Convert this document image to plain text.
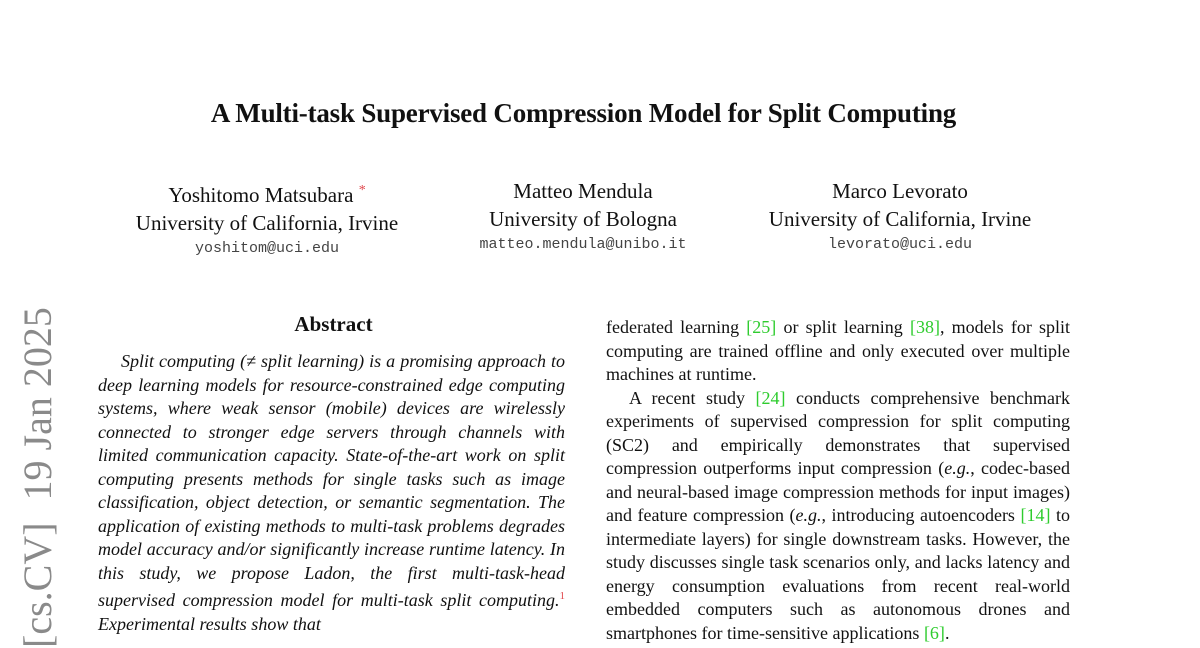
A Multi-task Supervised Compression Model for Split Computing
Yoshitomo Matsubara *
University of California, Irvine
yoshitom@uci.edu
Matteo Mendula
University of Bologna
matteo.mendula@unibo.it
Marco Levorato
University of California, Irvine
levorato@uci.edu
[cs.CV]19 Jan 2025	Abstract
Split computing (≠ split learning) is a promising approach to deep learning models for resource-constrained edge computing systems, where weak sensor (mobile) devices are wirelessly connected to stronger edge servers through channels with limited communication capacity. State-of-the-art work on split computing presents methods for single tasks such as image classification, object detection, or semantic segmentation. The application of existing methods to multi-task problems degrades model accuracy and/or significantly increase runtime latency. In this study, we propose Ladon, the first multi-task-head supervised compression model for multi-task split computing.$^1$ Experimental results show that

federated learning [25] or split learning [38], models for split computing are trained offline and only executed over multiple machines at runtime.

A recent study [24] conducts comprehensive benchmark experiments of supervised compression for split computing (SC2) and empirically demonstrates that supervised compression outperforms input compression (e.g., codec-based and neural-based image compression methods for input images) and feature compression (e.g., introducing autoencoders [14] to intermediate layers) for single downstream tasks. However, the study discusses single task scenarios only, and lacks latency and energy consumption evaluations from recent real-world embedded computers such as autonomous drones and smartphones for time-sensitive applications [6].
